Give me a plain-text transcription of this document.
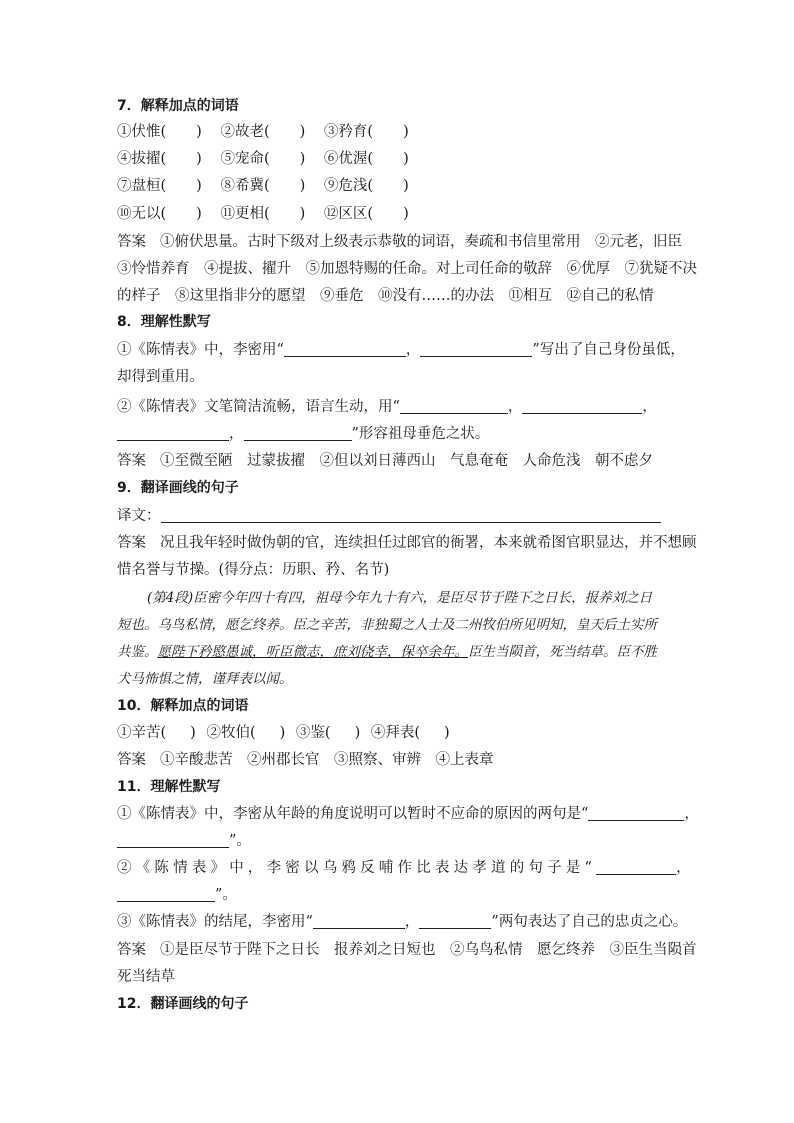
7．解释加点的词语
①伏惟( ) ②故老( ) ③矜育( )
④拔擢( ) ⑤宠命( ) ⑥优渥( )
⑦盘桓( ) ⑧希冀( ) ⑨危浅( )
⑩无以( ) ⑪更相( ) ⑫区区( )
答案 ①俯伏思量。古时下级对上级表示恭敬的词语，奏疏和书信里常用　②元老，旧臣
③怜惜养育　④提拔、擢升　⑤加恩特赐的任命。对上司任命的敬辞　⑥优厚　⑦犹疑不决
的样子　⑧这里指非分的愿望　⑨垂危　⑩没有……的办法　⑪相互　⑫自己的私情
8．理解性默写
①《陈情表》中，李密用“	，	”写出了自己身份虽低，
却得到重用。
②《陈情表》文笔简洁流畅，语言生动，用“	，	，
，	”形容祖母垂危之状。
答案 ①至微至陋　过蒙拔擢　②但以刘日薄西山　气息奄奄　人命危浅　朝不虑夕
9．翻译画线的句子
译文：
答案 况且我年轻时做伪朝的官，连续担任过郎官的衙署，本来就希图官职显达，并不想顾
惜名誉与节操。(得分点：历职、矜、名节)
(第4段)臣密今年四十有四，祖母今年九十有六，是臣尽节于陛下之日长，报养刘之日
短也。乌鸟私情，愿乞终养。臣之辛苦，非独蜀之人士及二州牧伯所见明知，皇天后土实所
共鉴。愿陛下矜愍愚诚，听臣微志，庶刘侥幸，保卒余年。臣生当陨首，死当结草。臣不胜
犬马怖惧之情，谨拜表以闻。
10．解释加点的词语
①辛苦( ) ②牧伯( ) ③鉴( ) ④拜表( )
答案 ①辛酸悲苦　②州郡长官　③照察、审辨　④上表章
11．理解性默写
①《陈情表》中，李密从年龄的角度说明可以暂时不应命的原因的两句是“	，
”。
②《陈情表》中，李密以乌鸦反哺作比表达孝道的句子是“	，
”。
③《陈情表》的结尾，李密用“	，	”两句表达了自己的忠贞之心。
答案 ①是臣尽节于陛下之日长　报养刘之日短也　②乌鸟私情　愿乞终养　③臣生当陨首
死当结草
12．翻译画线的句子
